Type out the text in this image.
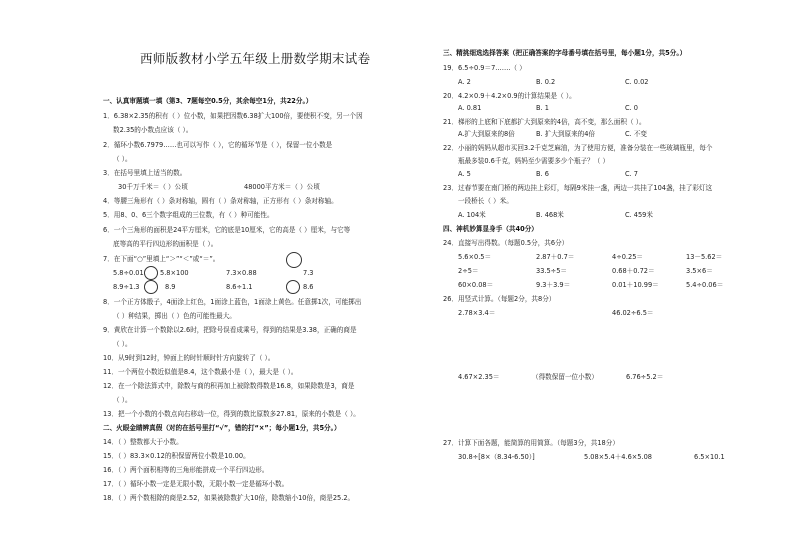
西师版教材小学五年级上册数学期末试卷
一、认真审题填一填（第3、7题每空0.5分，其余每空1分，共22分。）
1．6.38×2.35的积有（ ）位小数，如果把因数6.38扩大100倍，要使积不变，另一个因
数2.35的小数点应该（ ）。
2．循环小数6.7979……也可以写作（ ），它的循环节是（ ），保留一位小数是
（ ）。
3．在括号里填上适当的数。
30千万千米＝（ ）公顷	48000平方米＝（ ）公顷
4．等腰三角形有（ ）条对称轴，圆有（ ）条对称轴，正方形有（ ）条对称轴。
5．用8、0、6三个数字组成的三位数，有（ ）种可能性。
6．一个三角形的面积是24平方厘米，它的底是10厘米，它的高是（ ）厘米，与它等
底等高的平行四边形的面积是（ ）。
7．在下面“○”里填上“＞”“＜”或“＝”。
5.8÷0.01 5.8×100	7.3×0.88	7.3
8.9÷1.3	8.9	8.6÷1.1	8.6
8．一个正方体骰子，4面涂上红色，1面涂上蓝色，1面涂上黄色。任意掷1次，可能掷出
（ ）种结果，掷出（ ）色的可能性最大。
9．黄欣在计算一个数除以2.6时，把除号误看成乘号，得到的结果是3.38，正确的商是
（ ）。
10．从9时到12时，钟面上的时针顺时针方向旋转了（ ）。
11．一个两位小数近似值是8.4，这个数最小是（ ），最大是（ ）。
12．在一个除法算式中，除数与商的积再加上被除数得数是16.8，如果除数是3，商是
（ ）。
13．把一个小数的小数点向右移动一位，得到的数比原数多27.81，原来的小数是（ ）。
二、火眼金睛辨真假（对的在括号里打“√”，错的打“×”；每小题1分，共5分。）
14．（ ）整数都大于小数。
15．（ ）83.3×0.12的积保留两位小数是10.00。
16．（ ）两个面积相等的三角形能拼成一个平行四边形。
17．（ ）循环小数一定是无限小数，无限小数一定是循环小数。
18．（ ）两个数相除的商是2.52，如果被除数扩大10倍，除数缩小10倍，商是25.2。
三、精挑细选选择答案（把正确答案的字母番号填在括号里，每小题1分，共5分。）
19．6.5÷0.9＝7.……（ ）
A. 2	B. 0.2	C. 0.02
20．4.2×0.9＋4.2×0.9的计算结果是（ ）。
A. 0.81	B. 1	C. 0
21．梯形的上底和下底都扩大到原来的4倍，高不变，那么面积（ ）。
A.扩大到原来的8倍	B. 扩大到原来的4倍	C. 不变
22．小丽的妈妈从超市买回3.2千克芝麻油，为了使用方便，准备分装在一些玻璃瓶里，每个
瓶最多装0.6千克，妈妈至少需要多少个瓶子？（ ）
A. 5	B. 6	C. 7
23．过春节要在南门桥的两边挂上彩灯，每隔9米挂一盏，两边一共挂了104盏，挂了彩灯这
一段桥长（ ）米。
A. 104米	B. 468米	C. 459米
四、神机妙算显身手（共40分）
24．直接写出得数。（每题0.5分，共6分）
5.6×0.5＝	2.87＋0.7＝	4÷0.25＝	13－5.62＝
2÷5＝	33.5÷5＝	0.68＋0.72＝	3.5×6＝
60×0.08＝	9.3＋3.9＝	0.01＋10.99＝	5.4÷0.06＝
26．用竖式计算。（每题2分，共8分）
2.78×3.4＝	46.02÷6.5＝
4.67×2.35＝	（得数保留一位小数）	6.76÷5.2＝
27．计算下面各题，能简算的用简算。（每题3分，共18分）
30.8÷[8×（8.34-6.50）]	5.08×5.4＋4.6×5.08	6.5×10.1
